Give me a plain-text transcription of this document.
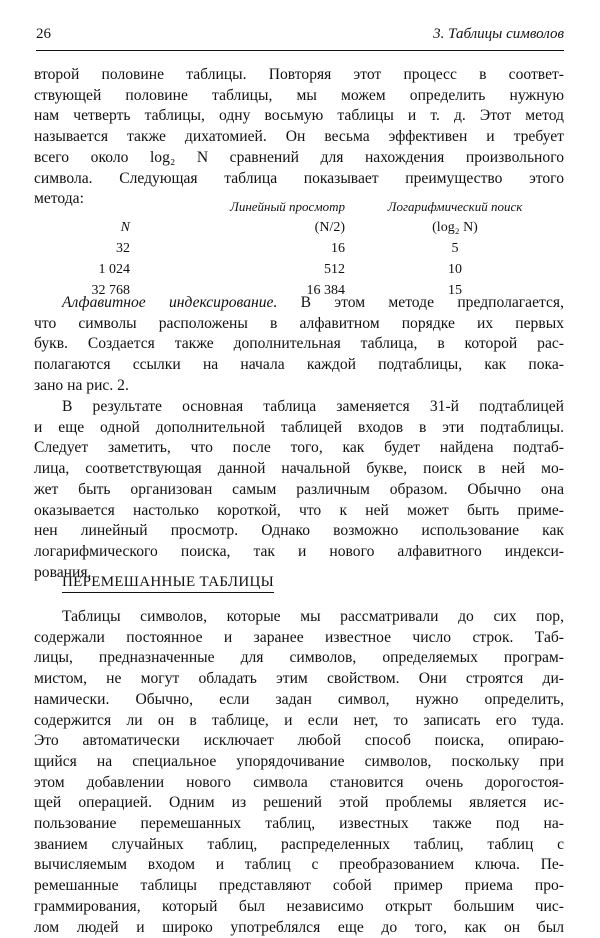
26	3. Таблицы символов
второй половине таблицы. Повторяя этот процесс в соответ-
ствующей половине таблицы, мы можем определить нужную
нам четверть таблицы, одну восьмую таблицы и т. д. Этот метод
называется также дихатомией. Он весьма эффективен и требует
всего около log₂ N сравнений для нахождения произвольного
символа. Следующая таблица показывает преимущество этого
метода:
		Линейный просмотр	Логарифмический поиск
N	(N/2)	(log₂ N)
32	16	5
1 024	512	10
32 768	16 384	15
Алфавитное индексирование. В этом методе предполагается,
что символы расположены в алфавитном порядке их первых
букв. Создается также дополнительная таблица, в которой рас-
полагаются ссылки на начала каждой подтаблицы, как пока-
зано на рис. 2.
В результате основная таблица заменяется 31-й подтаблицей
и еще одной дополнительной таблицей входов в эти подтаблицы.
Следует заметить, что после того, как будет найдена подтаб-
лица, соответствующая данной начальной букве, поиск в ней мо-
жет быть организован самым различным образом. Обычно она
оказывается настолько короткой, что к ней может быть приме-
нен линейный просмотр. Однако возможно использование как
логарифмического поиска, так и нового алфавитного индекси-
рования.
ПЕРЕМЕШАННЫЕ ТАБЛИЦЫ
Таблицы символов, которые мы рассматривали до сих пор,
содержали постоянное и заранее известное число строк. Таб-
лицы, предназначенные для символов, определяемых програм-
мистом, не могут обладать этим свойством. Они строятся ди-
намически. Обычно, если задан символ, нужно определить,
содержится ли он в таблице, и если нет, то записать его туда.
Это автоматически исключает любой способ поиска, опираю-
щийся на специальное упорядочивание символов, поскольку при
этом добавлении нового символа становится очень дорогостоя-
щей операцией. Одним из решений этой проблемы является ис-
пользование перемешанных таблиц, известных также под на-
званием случайных таблиц, распределенных таблиц, таблиц с
вычисляемым входом и таблиц с преобразованием ключа. Пе-
ремешанные таблицы представляют собой пример приема про-
граммирования, который был независимо открыт большим чис-
лом людей и широко употреблялся еще до того, как он был
